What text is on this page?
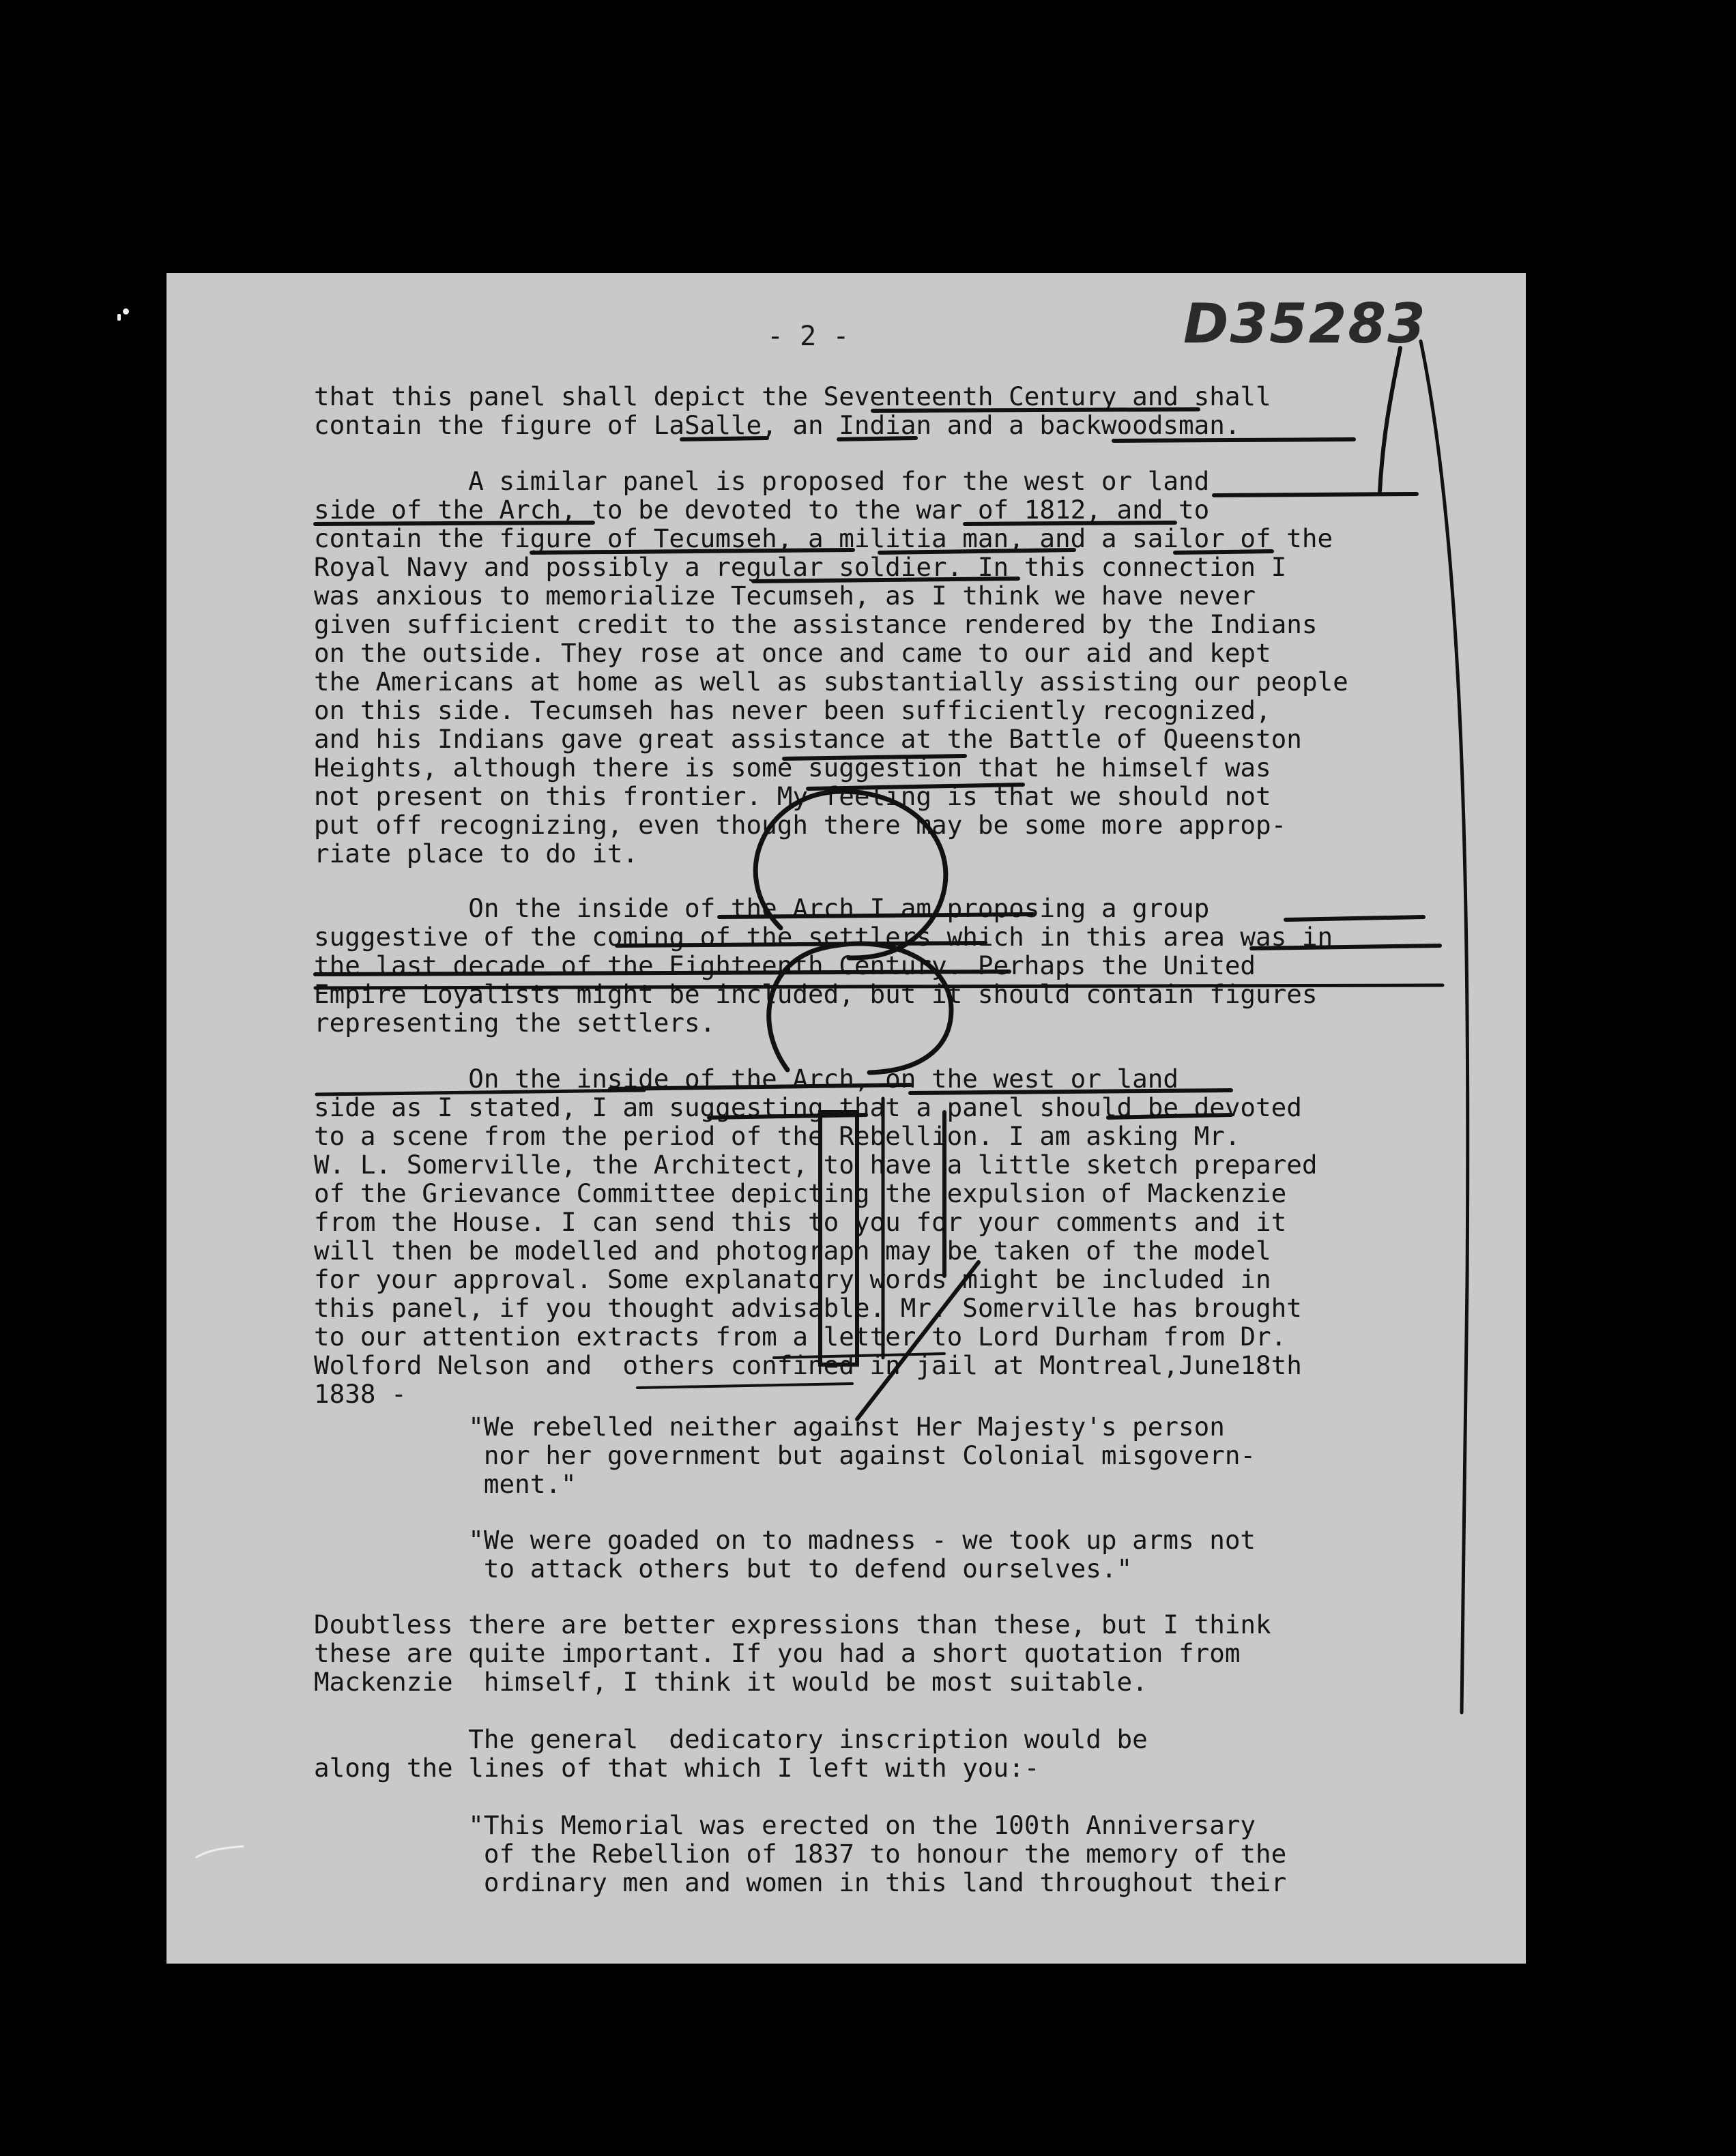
D35283
- 2 -
that this panel shall depict the Seventeenth Century and shall
contain the figure of LaSalle, an Indian and a backwoodsman.
A similar panel is proposed for the west or land
side of the Arch, to be devoted to the war of 1812, and to
contain the figure of Tecumseh, a militia man, and a sailor of the
Royal Navy and possibly a regular soldier. In this connection I
was anxious to memorialize Tecumseh, as I think we have never
given sufficient credit to the assistance rendered by the Indians
on the outside. They rose at once and came to our aid and kept
the Americans at home as well as substantially assisting our people
on this side. Tecumseh has never been sufficiently recognized,
and his Indians gave great assistance at the Battle of Queenston
Heights, although there is some suggestion that he himself was
not present on this frontier. My feeling is that we should not
put off recognizing, even though there may be some more approp-
riate place to do it.
On the inside of the Arch I am proposing a group
suggestive of the coming of the settlers which in this area was in
the last decade of the Eighteenth Century. Perhaps the United
Empire Loyalists might be included, but it should contain figures
representing the settlers.
On the inside of the Arch, on the west or land
side as I stated, I am suggesting that a panel should be devoted
to a scene from the period of the Rebellion. I am asking Mr.
W. L. Somerville, the Architect, to have a little sketch prepared
of the Grievance Committee depicting the expulsion of Mackenzie
from the House. I can send this to you for your comments and it
will then be modelled and photograph may be taken of the model
for your approval. Some explanatory words might be included in
this panel, if you thought advisable. Mr. Somerville has brought
to our attention extracts from a letter to Lord Durham from Dr.
Wolford Nelson and  others confined in jail at Montreal,June18th
1838 -
"We rebelled neither against Her Majesty's person
nor her government but against Colonial misgovern-
ment."
"We were goaded on to madness - we took up arms not
to attack others but to defend ourselves."
Doubtless there are better expressions than these, but I think
these are quite important. If you had a short quotation from
Mackenzie  himself, I think it would be most suitable.
The general  dedicatory inscription would be
along the lines of that which I left with you:-
"This Memorial was erected on the 100th Anniversary
of the Rebellion of 1837 to honour the memory of the
ordinary men and women in this land throughout their
